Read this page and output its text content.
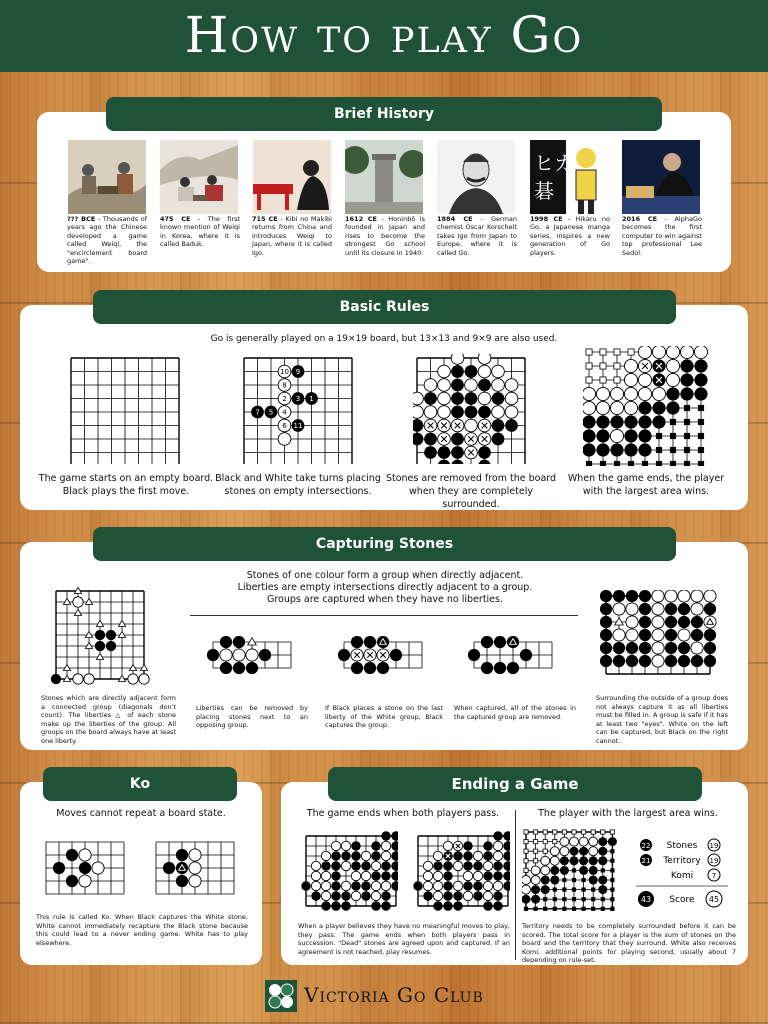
How to play Go
Brief History
ヒカ
碁
??? BCE - Thousands of years ago the Chinese developed a game called Weiqi, the "encirclement board game".
475 CE - The first known mention of Weiqi in Korea, where it is called Baduk.
715 CE - Kibi no Makibi returns from China and introduces Weiqi to Japan, where it is called Igo.
1612 CE - Honinbō is founded in Japan and rises to become the strongest Go school until its closure in 1940.
1884 CE - German chemist Oscar Korschelt takes Igo from Japan to Europe, where it is called Go.
1998 CE - Hikaru no Go, a Japanese manga series, inspires a new generation of Go players.
2016 CE - AlphaGo becomes the first computer to win against top professional Lee Sedol.
Basic Rules
Go is generally played on a 19×19 board, but 13×13 and 9×9 are also used.
10 9
8
2 3 1
7 5 4
6 11
The game starts on an empty board. Black plays the first move.
Black and White take turns placing stones on empty intersections.
Stones are removed from the board when they are completely surrounded.
When the game ends, the player with the largest area wins.
Capturing Stones
Stones of one colour form a group when directly adjacent.
Liberties are empty intersections directly adjacent to a group.
Groups are captured when they have no liberties.
Stones which are directly adjacent form a connected group (diagonals don't count). The liberties △ of each stone make up the liberties of the group. All groups on the board always have at least one liberty.
Liberties can be removed by placing stones next to an opposing group.
If Black places a stone on the last liberty of the White group, Black captures the group.
When captured, all of the stones in the captured group are removed.
Surrounding the outside of a group does not always capture it as all liberties must be filled in. A group is safe if it has at least two "eyes". White on the left can be captured, but Black on the right cannot.
Ko
Moves cannot repeat a board state.
This rule is called Ko. When Black captures the White stone, White cannot immediately recapture the Black stone because this could lead to a never ending game. White has to play elsewhere.
Ending a Game
The game ends when both players pass.	The player with the largest area wins.
22 Stones 19
21 Territory 19
Komi	7
43 Score 45
When a player believes they have no meaningful moves to play, they pass. The game ends when both players pass in succession. "Dead" stones are agreed upon and captured. If an agreement is not reached, play resumes.
Territory needs to be completely surrounded before it can be scored. The total score for a player is the sum of stones on the board and the territory that they surround. White also receives Komi, additional points for playing second, usually about 7 depending on rule-set.
Victoria Go Club
